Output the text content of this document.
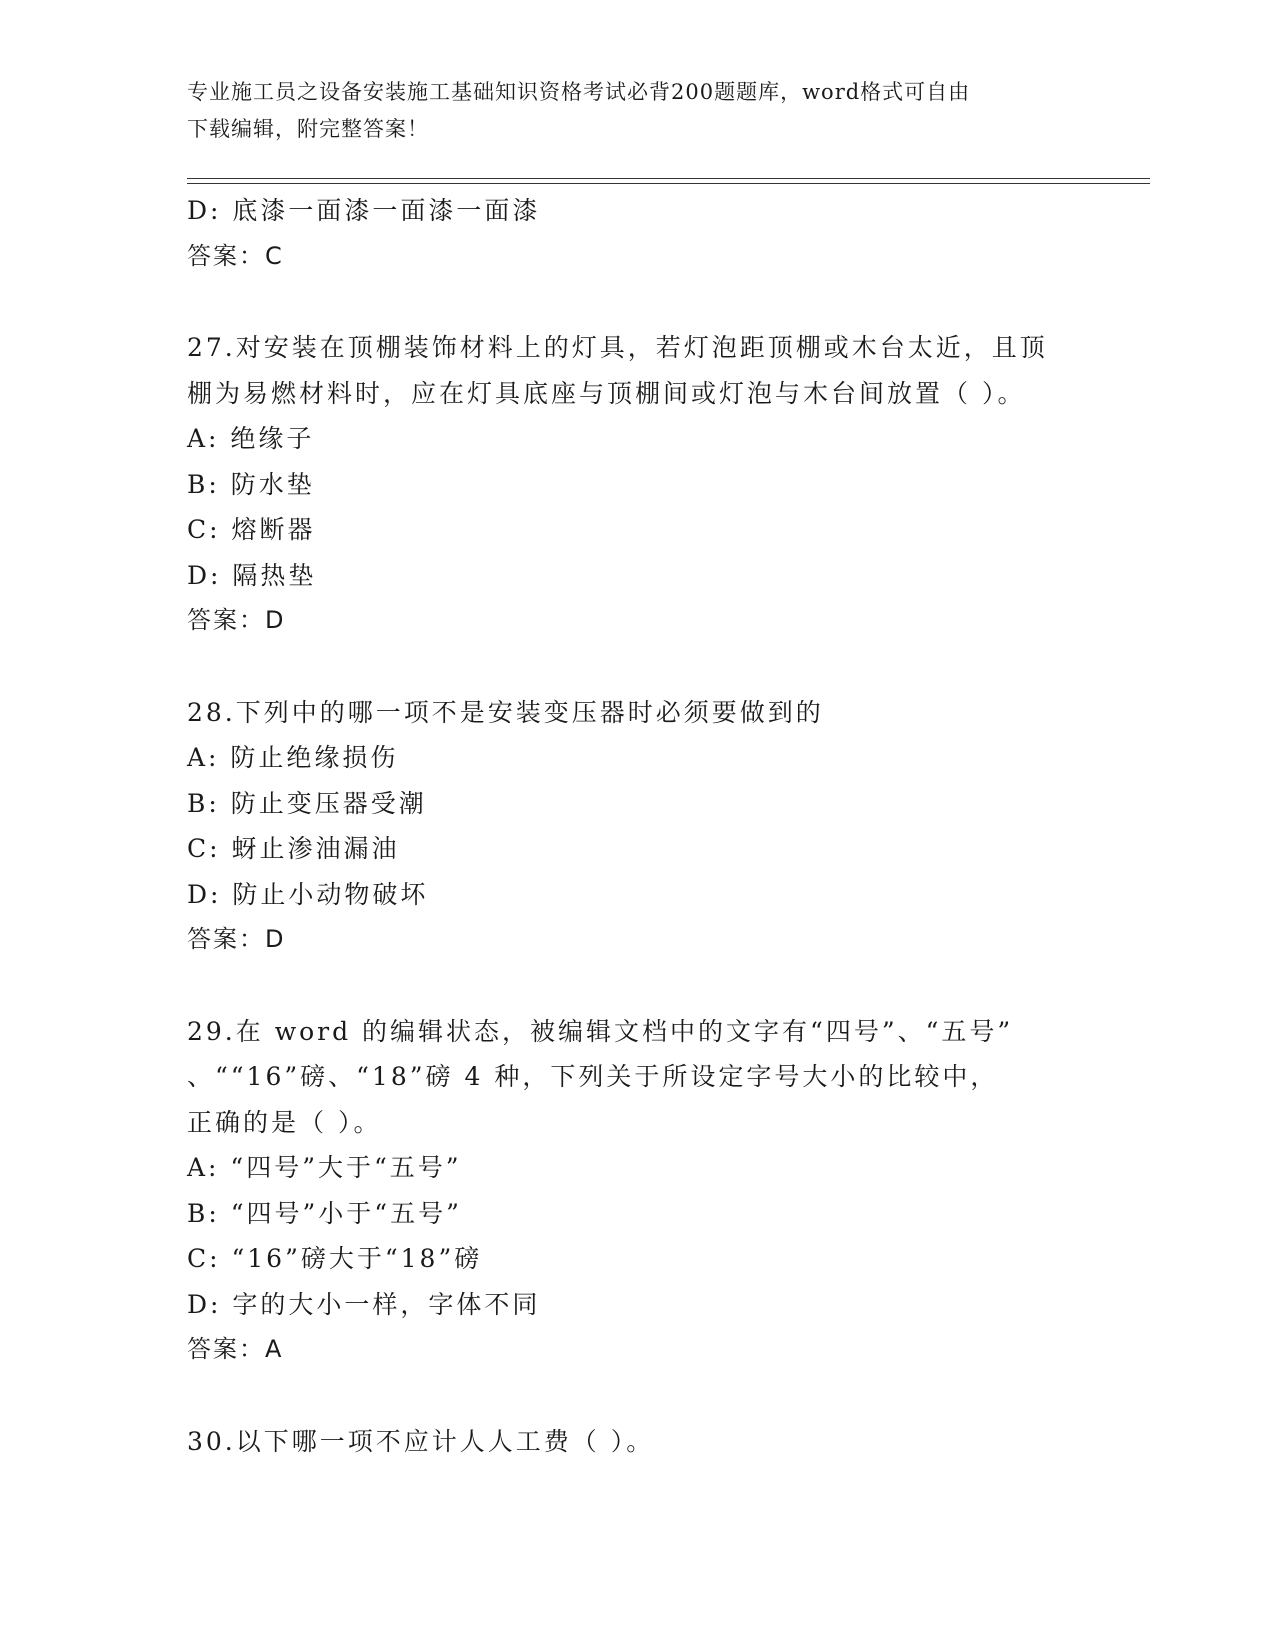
专业施工员之设备安装施工基础知识资格考试必背200题题库，word格式可自由
下载编辑，附完整答案！
D: 底漆一面漆一面漆一面漆
答案：C
27.对安装在顶棚装饰材料上的灯具，若灯泡距顶棚或木台太近，且顶
棚为易燃材料时，应在灯具底座与顶棚间或灯泡与木台间放置（ ）。
A: 绝缘子
B: 防水垫
C: 熔断器
D: 隔热垫
答案：D
28.下列中的哪一项不是安装变压器时必须要做到的
A: 防止绝缘损伤
B: 防止变压器受潮
C: 蚜止渗油漏油
D: 防止小动物破坏
答案：D
29.在 word 的编辑状态，被编辑文档中的文字有“四号”、“五号”
、““16”磅、“18”磅 4 种，下列关于所设定字号大小的比较中，
正确的是（ ）。
A: “四号”大于“五号”
B: “四号”小于“五号”
C: “16”磅大于“18”磅
D: 字的大小一样，字体不同
答案：A
30.以下哪一项不应计人人工费（ ）。
